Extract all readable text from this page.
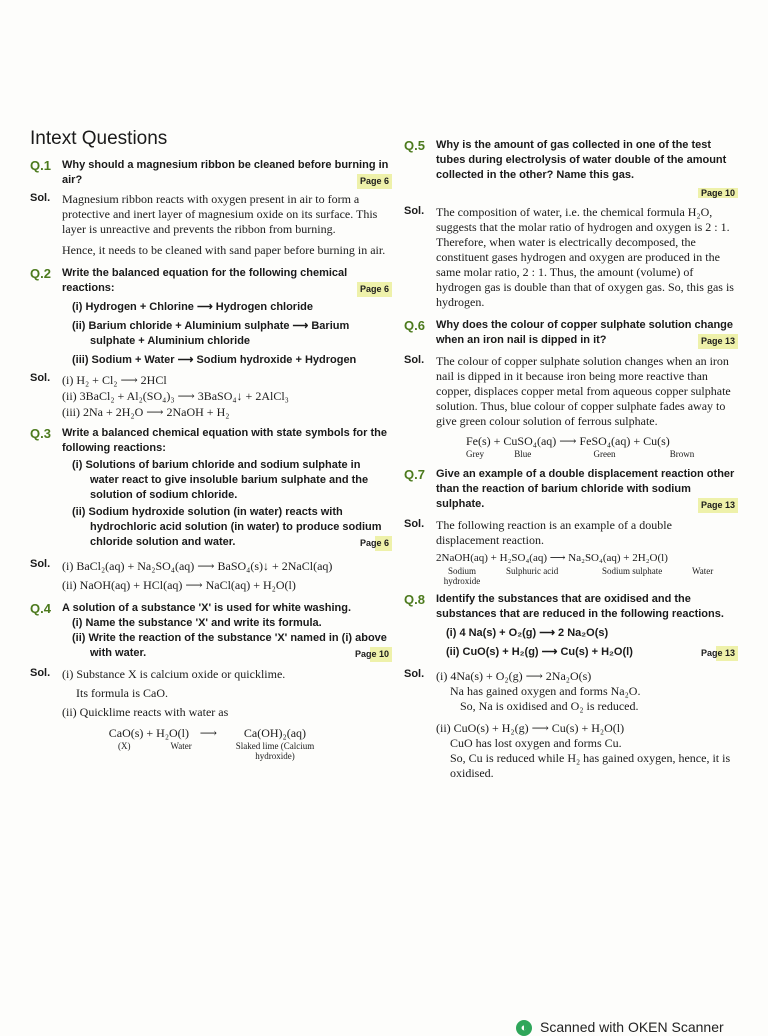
Intext Questions
Q.1 Why should a magnesium ribbon be cleaned before burning in air?	Page 6
Sol. Magnesium ribbon reacts with oxygen present in air to form a protective and inert layer of magnesium oxide on its surface. This layer is unreactive and prevents the ribbon from burning.
Hence, it needs to be cleaned with sand paper before burning in air.
Q.2 Write the balanced equation for the following chemical reactions:	Page 6
(i) Hydrogen + Chlorine ⟶ Hydrogen chloride
(ii) Barium chloride + Aluminium sulphate ⟶ Barium sulphate + Aluminium chloride
(iii) Sodium + Water ⟶ Sodium hydroxide + Hydrogen
Sol. (i) H₂ + Cl₂ ⟶ 2HCl
(ii) 3BaCl₂ + Al₂(SO₄)₃ ⟶ 3BaSO₄↓ + 2AlCl₃
(iii) 2Na + 2H₂O ⟶ 2NaOH + H₂
Q.3 Write a balanced chemical equation with state symbols for the following reactions:
(i) Solutions of barium chloride and sodium sulphate in water react to give insoluble barium sulphate and the solution of sodium chloride.
(ii) Sodium hydroxide solution (in water) reacts with hydrochloric acid solution (in water) to produce sodium chloride solution and water.	Page 6
Sol. (i) BaCl₂(aq) + Na₂SO₄(aq) ⟶ BaSO₄(s)↓ + 2NaCl(aq)
(ii) NaOH(aq) + HCl(aq) ⟶ NaCl(aq) + H₂O(l)
Q.4 A solution of a substance 'X' is used for white washing.
(i) Name the substance 'X' and write its formula.
(ii) Write the reaction of the substance 'X' named in (i) above with water.	Page 10
Sol. (i) Substance X is calcium oxide or quicklime.
Its formula is CaO.
(ii) Quicklime reacts with water as
CaO(s) + H₂O(l)	⟶	Ca(OH)₂(aq)
(X) Water		Slaked lime (Calcium hydroxide)
Q.5 Why is the amount of gas collected in one of the test tubes during electrolysis of water double of the amount collected in the other? Name this gas.
Page 10
Sol. The composition of water, i.e. the chemical formula H₂O, suggests that the molar ratio of hydrogen and oxygen is 2 : 1. Therefore, when water is electrically decomposed, the constituent gases hydrogen and oxygen are produced in the same molar ratio, 2 : 1. Thus, the amount (volume) of hydrogen gas is double than that of oxygen gas. So, this gas is hydrogen.
Q.6 Why does the colour of copper sulphate solution change when an iron nail is dipped in it?	Page 13
Sol. The colour of copper sulphate solution changes when an iron nail is dipped in it because iron being more reactive than copper, displaces copper metal from aqueous copper sulphate solution. Thus, blue colour of copper sulphate fades away to give green colour solution of ferrous sulphate.
Fe(s) + CuSO₄(aq) ⟶ FeSO₄(aq) + Cu(s)
Grey	Blue	Green	Brown
Q.7 Give an example of a double displacement reaction other than the reaction of barium chloride with sodium sulphate.	Page 13
Sol. The following reaction is an example of a double displacement reaction.
2NaOH(aq) + H₂SO₄(aq) ⟶ Na₂SO₄(aq) + 2H₂O(l)
Sodium hydroxide
Sulphuric acid	Sodium sulphate	Water
Q.8 Identify the substances that are oxidised and the substances that are reduced in the following reactions.
(i) 4 Na(s) + O₂(g) ⟶ 2 Na₂O(s)
(ii) CuO(s) + H₂(g) ⟶ Cu(s) + H₂O(l)	Page 13
Sol. (i) 4Na(s) + O₂(g) ⟶ 2Na₂O(s)
Na has gained oxygen and forms Na₂O.
So, Na is oxidised and O₂ is reduced.
(ii) CuO(s) + H₂(g) ⟶ Cu(s) + H₂O(l)
CuO has lost oxygen and forms Cu.
So, Cu is reduced while H₂ has gained oxygen, hence, it is oxidised.
◐ Scanned with OKEN Scanner
